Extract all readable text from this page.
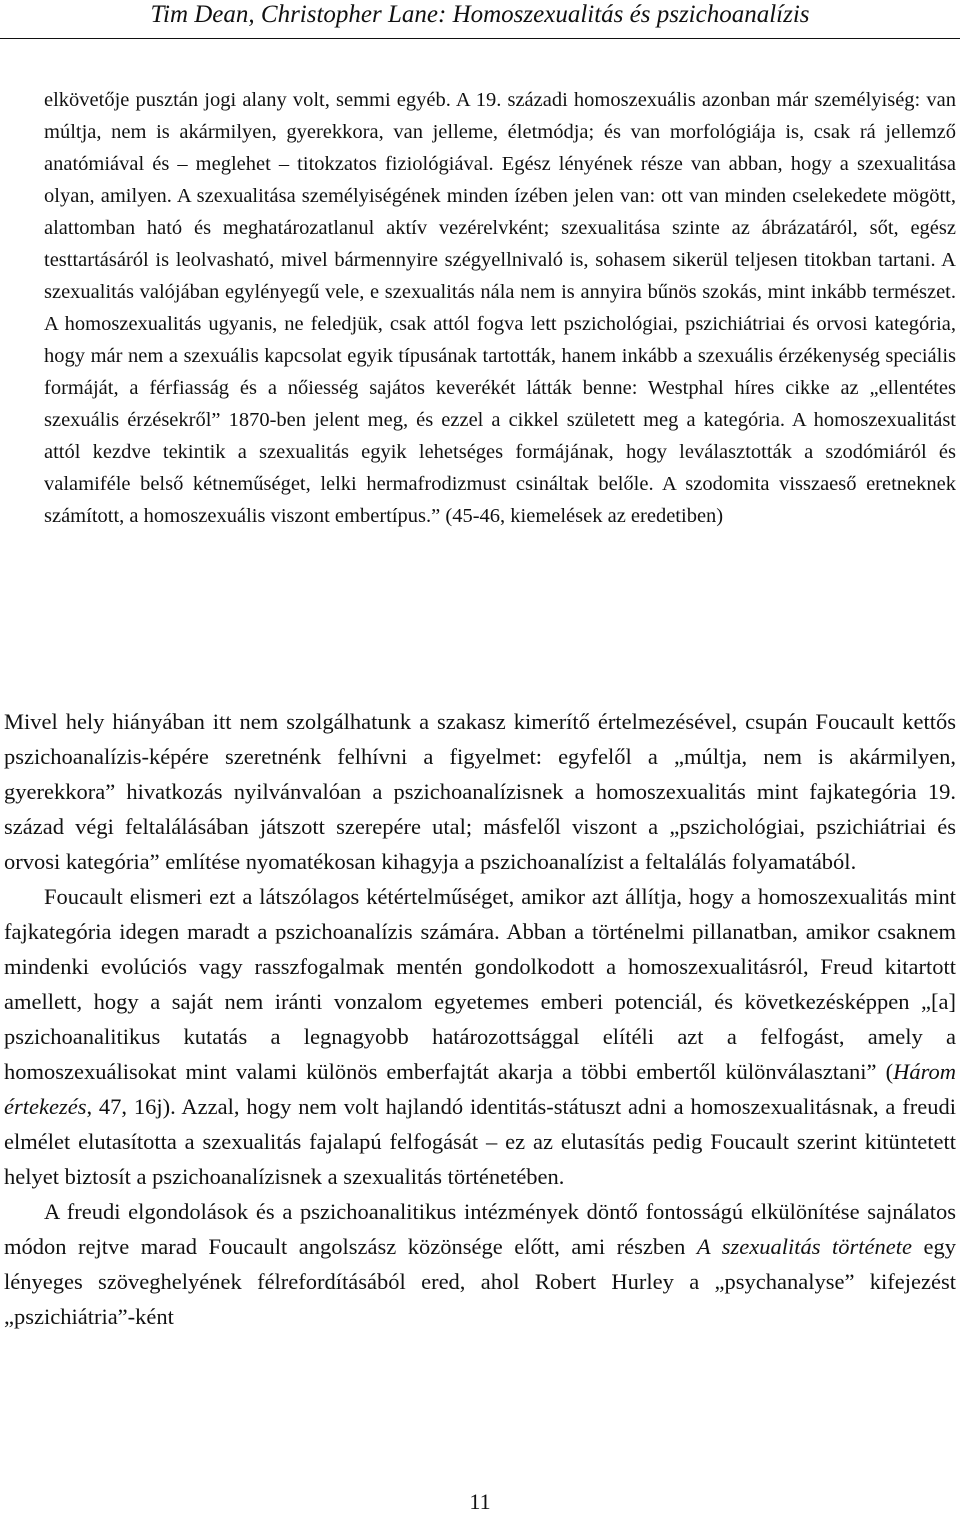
Tim Dean, Christopher Lane: Homoszexualitás és pszichoanalízis

elkövetője pusztán jogi alany volt, semmi egyéb. A 19. századi homoszexuális azonban már személyiség: van múltja, nem is akármilyen, gyerekkora, van jelleme, életmódja; és van morfológiája is, csak rá jellemző anatómiával és – meglehet – titokzatos fiziológiával. Egész lényének része van abban, hogy a szexualitása olyan, amilyen. A szexualitása személyiségének minden ízében jelen van: ott van minden cselekedete mögött, alattomban ható és meghatározatlanul aktív vezérelvként; szexualitása szinte az ábrázatáról, sőt, egész testtartásáról is leolvasható, mivel bármennyire szégyellnivaló is, sohasem sikerül teljesen titokban tartani. A szexualitás valójában egylényegű vele, e szexualitás nála nem is annyira bűnös szokás, mint inkább természet. A homoszexualitás ugyanis, ne feledjük, csak attól fogva lett pszichológiai, pszichiátriai és orvosi kategória, hogy már nem a szexuális kapcsolat egyik típusának tartották, hanem inkább a szexuális érzékenység speciális formáját, a férfiasság és a nőiesség sajátos keverékét látták benne: Westphal híres cikke az „ellentétes szexuális érzésekről” 1870-ben jelent meg, és ezzel a cikkel született meg a kategória. A homoszexualitást attól kezdve tekintik a szexualitás egyik lehetséges formájának, hogy leválasztották a szodómiáról és valamiféle belső kétneműséget, lelki hermafrodizmust csináltak belőle. A szodomita visszaeső eretneknek számított, a homoszexuális viszont embertípus.” (45-46, kiemelések az eredetiben)

Mivel hely hiányában itt nem szolgálhatunk a szakasz kimerítő értelmezésével, csupán Foucault kettős pszichoanalízis-képére szeretnénk felhívni a figyelmet: egyfelől a „múltja, nem is akármilyen, gyerekkora” hivatkozás nyilvánvalóan a pszichoanalízisnek a homoszexualitás mint fajkategória 19. század végi feltalálásában játszott szerepére utal; másfelől viszont a „pszichológiai, pszichiátriai és orvosi kategória” említése nyomatékosan kihagyja a pszichoanalízist a feltalálás folyamatából.

Foucault elismeri ezt a látszólagos kétértelműséget, amikor azt állítja, hogy a homoszexualitás mint fajkategória idegen maradt a pszichoanalízis számára. Abban a történelmi pillanatban, amikor csaknem mindenki evolúciós vagy rasszfogalmak mentén gondolkodott a homoszexualitásról, Freud kitartott amellett, hogy a saját nem iránti vonzalom egyetemes emberi potenciál, és következésképpen „[a] pszichoanalitikus kutatás a legnagyobb határozottsággal elítéli azt a felfogást, amely a homoszexuálisokat mint valami különös emberfajtát akarja a többi embertől különválasztani” (Három értekezés, 47, 16j). Azzal, hogy nem volt hajlandó identitás-státuszt adni a homoszexualitásnak, a freudi elmélet elutasította a szexualitás fajalapú felfogását – ez az elutasítás pedig Foucault szerint kitüntetett helyet biztosít a pszichoanalízisnek a szexualitás történetében.

A freudi elgondolások és a pszichoanalitikus intézmények döntő fontosságú elkülönítése sajnálatos módon rejtve marad Foucault angolszász közönsége előtt, ami részben A szexualitás története egy lényeges szöveghelyének félrefordításából ered, ahol Robert Hurley a „psychanalyse” kifejezést „pszichiátria”-ként

11
